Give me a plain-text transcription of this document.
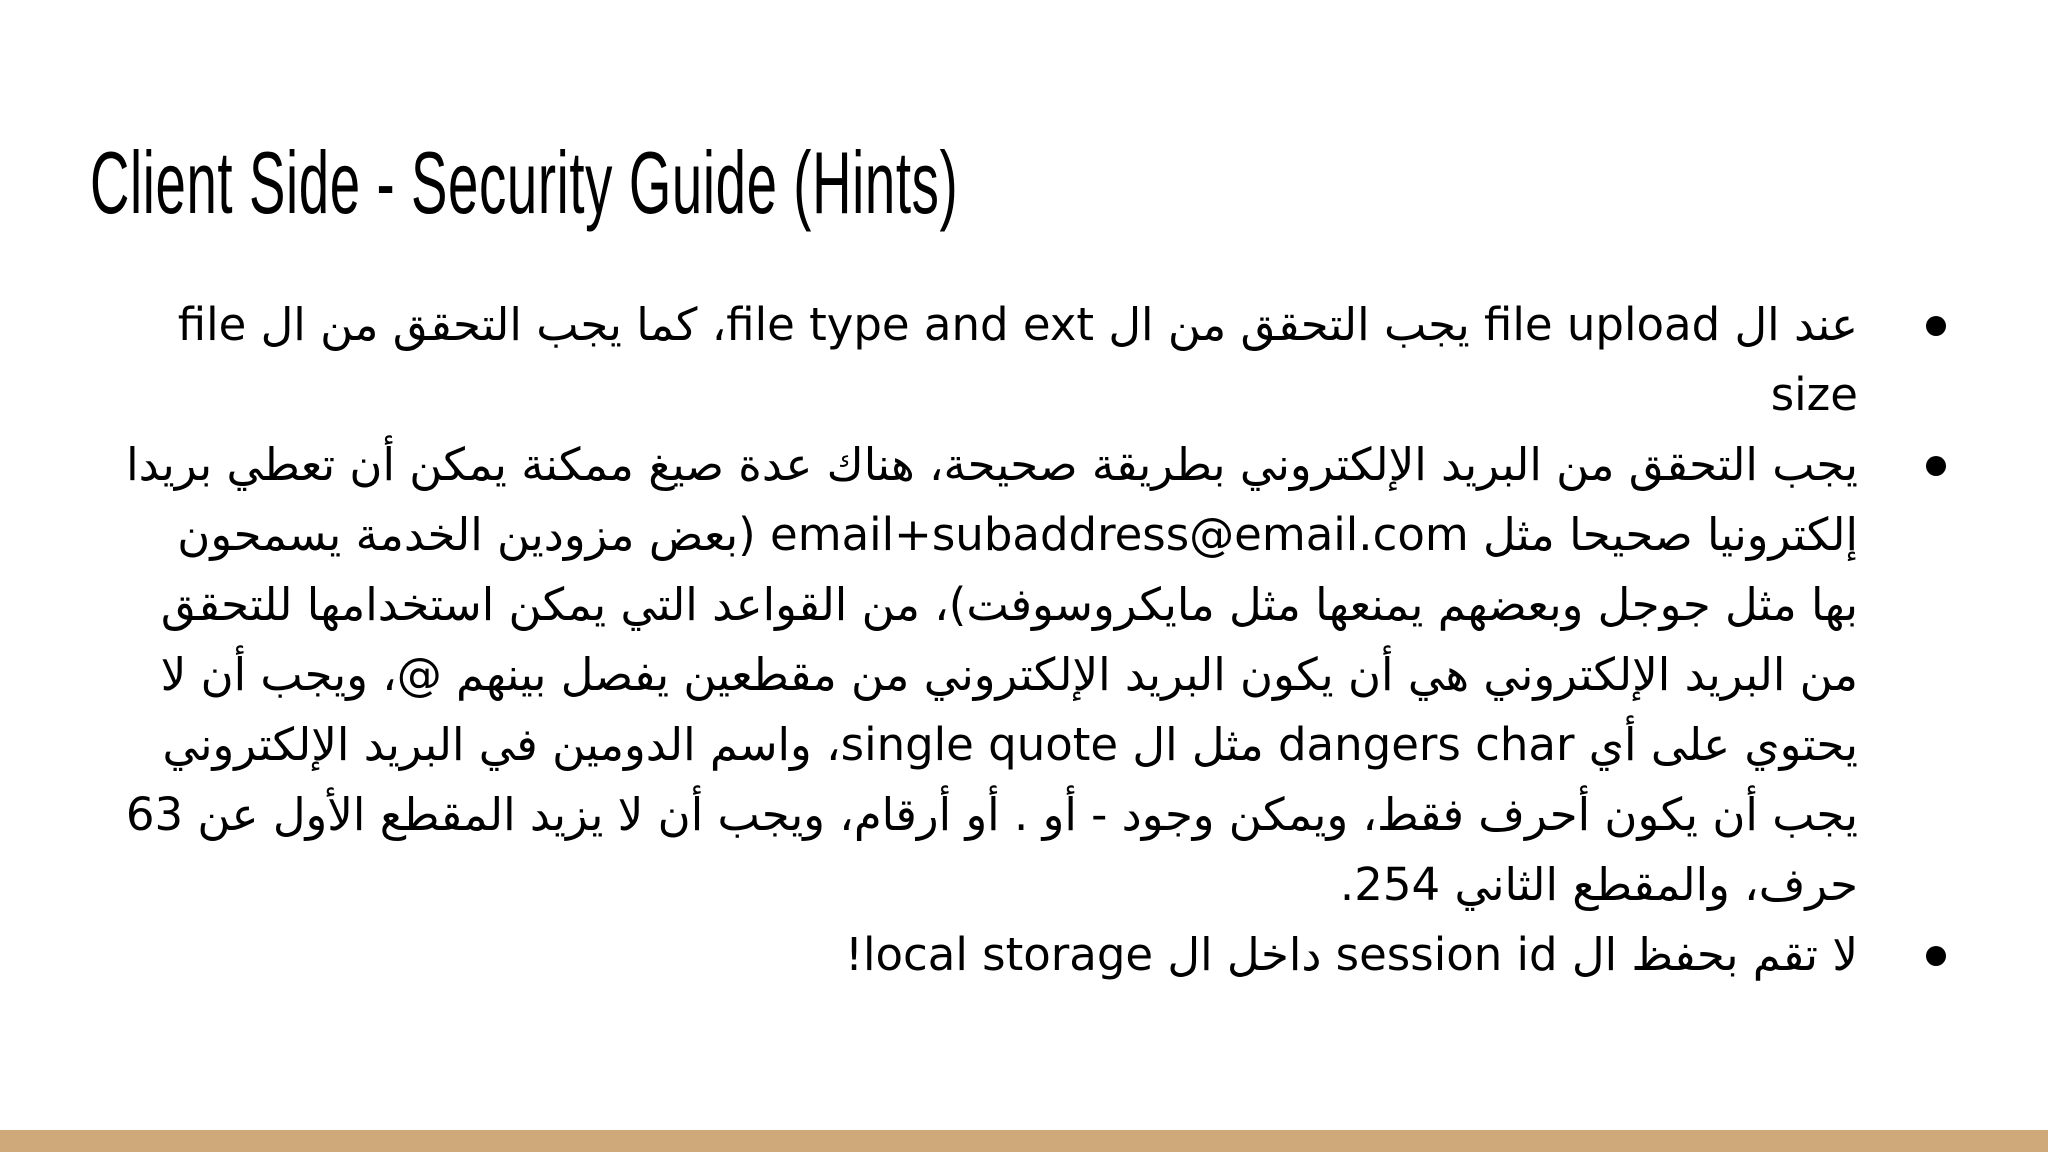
Client Side - Security Guide (Hints)
عند ال file upload يجب التحقق من ال file type and ext، كما يجب التحقق من ال file size
يجب التحقق من البريد الإلكتروني بطريقة صحيحة، هناك عدة صيغ ممكنة يمكن أن تعطي بريدا إلكترونيا صحيحا مثل email+subaddress@email.com (بعض مزودين الخدمة يسمحون بها مثل جوجل وبعضهم يمنعها مثل مايكروسوفت)، من القواعد التي يمكن استخدامها للتحقق من البريد الإلكتروني هي أن يكون البريد الإلكتروني من مقطعين يفصل بينهم @، ويجب أن لا يحتوي على أي dangers char مثل ال single quote، واسم الدومين في البريد الإلكتروني يجب أن يكون أحرف فقط، ويمكن وجود - أو . أو أرقام، ويجب أن لا يزيد المقطع الأول عن 63 حرف، والمقطع الثاني 254.
لا تقم بحفظ ال session id داخل ال local storage!
